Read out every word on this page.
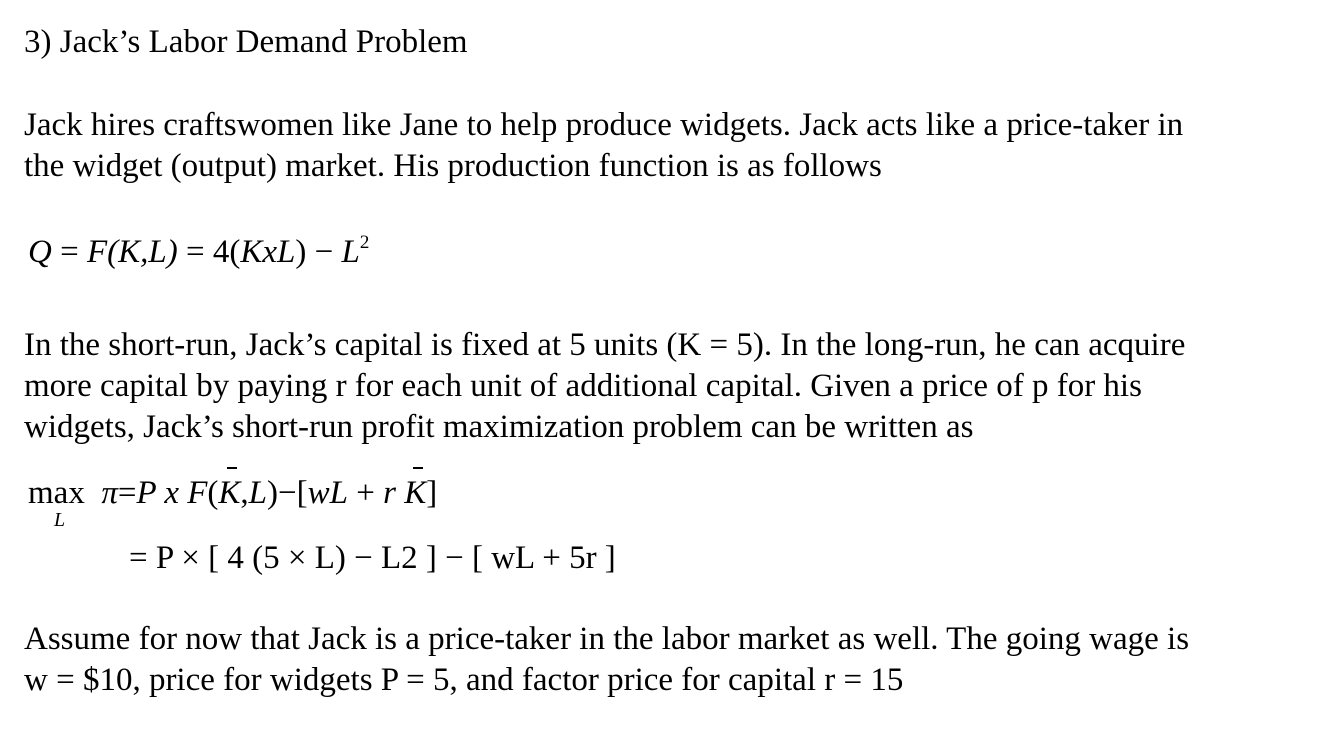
3) Jack’s Labor Demand Problem
Jack hires craftswomen like Jane to help produce widgets. Jack acts like a price-taker in
the widget (output) market. His production function is as follows
$Q = F(K,L) = 4(KxL) - L^2$
In the short-run, Jack’s capital is fixed at 5 units (K = 5). In the long-run, he can acquire
more capital by paying r for each unit of additional capital. Given a price of p for his
widgets, Jack’s short-run profit maximization problem can be written as
max π=P x F(K,L)−[wL + r K]
L
= P × [ 4 (5 × L) − L2 ] − [ wL + 5r ]
Assume for now that Jack is a price-taker in the labor market as well. The going wage is
w = $10, price for widgets P = 5, and factor price for capital r = 15
